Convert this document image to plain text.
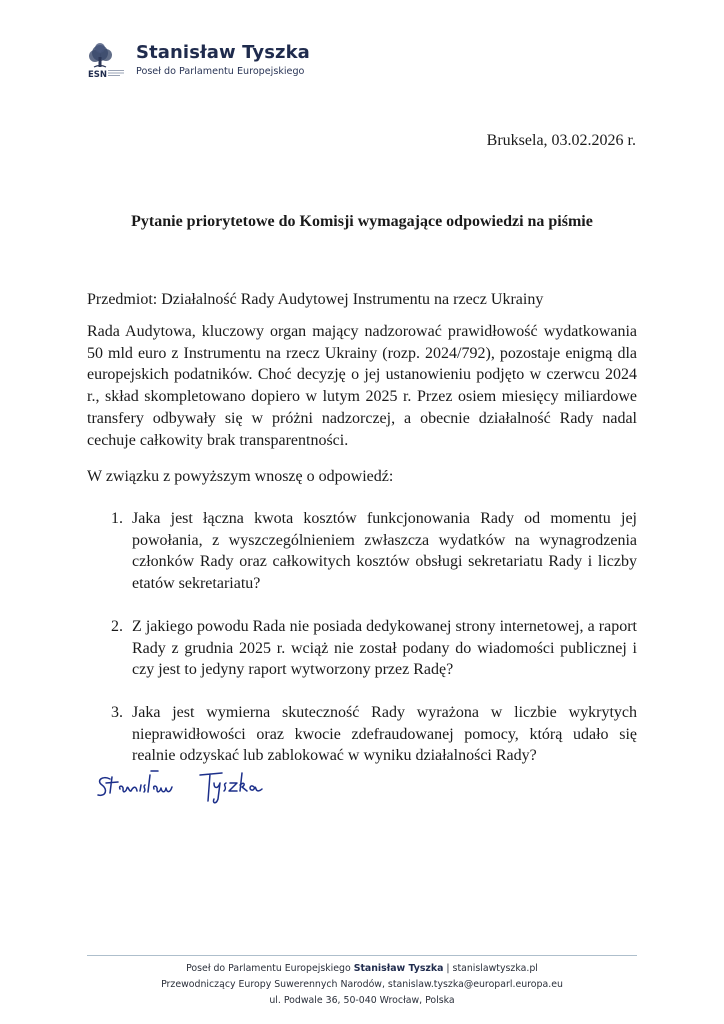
ESN
Stanisław Tyszka
Poseł do Parlamentu Europejskiego
Bruksela, 03.02.2026 r.
Pytanie priorytetowe do Komisji wymagające odpowiedzi na piśmie
Przedmiot: Działalność Rady Audytowej Instrumentu na rzecz Ukrainy
Rada Audytowa, kluczowy organ mający nadzorować prawidłowość wydatkowania 50 mld euro z Instrumentu na rzecz Ukrainy (rozp. 2024/792), pozostaje enigmą dla europejskich podatników. Choć decyzję o jej ustanowieniu podjęto w czerwcu 2024 r., skład skompletowano dopiero w lutym 2025 r. Przez osiem miesięcy miliardowe transfery odbywały się w próżni nadzorczej, a obecnie działalność Rady nadal cechuje całkowity brak transparentności.
W związku z powyższym wnoszę o odpowiedź:
1. Jaka jest łączna kwota kosztów funkcjonowania Rady od momentu jej powołania, z wyszczególnieniem zwłaszcza wydatków na wynagrodzenia członków Rady oraz całkowitych kosztów obsługi sekretariatu Rady i liczby etatów sekretariatu?
2. Z jakiego powodu Rada nie posiada dedykowanej strony internetowej, a raport Rady z grudnia 2025 r. wciąż nie został podany do wiadomości publicznej i czy jest to jedyny raport wytworzony przez Radę?
3. Jaka jest wymierna skuteczność Rady wyrażona w liczbie wykrytych nieprawidłowości oraz kwocie zdefraudowanej pomocy, którą udało się realnie odzyskać lub zablokować w wyniku działalności Rady?
Poseł do Parlamentu Europejskiego Stanisław Tyszka | stanislawtyszka.pl
Przewodniczący Europy Suwerennych Narodów, stanislaw.tyszka@europarl.europa.eu
ul. Podwale 36, 50-040 Wrocław, Polska
